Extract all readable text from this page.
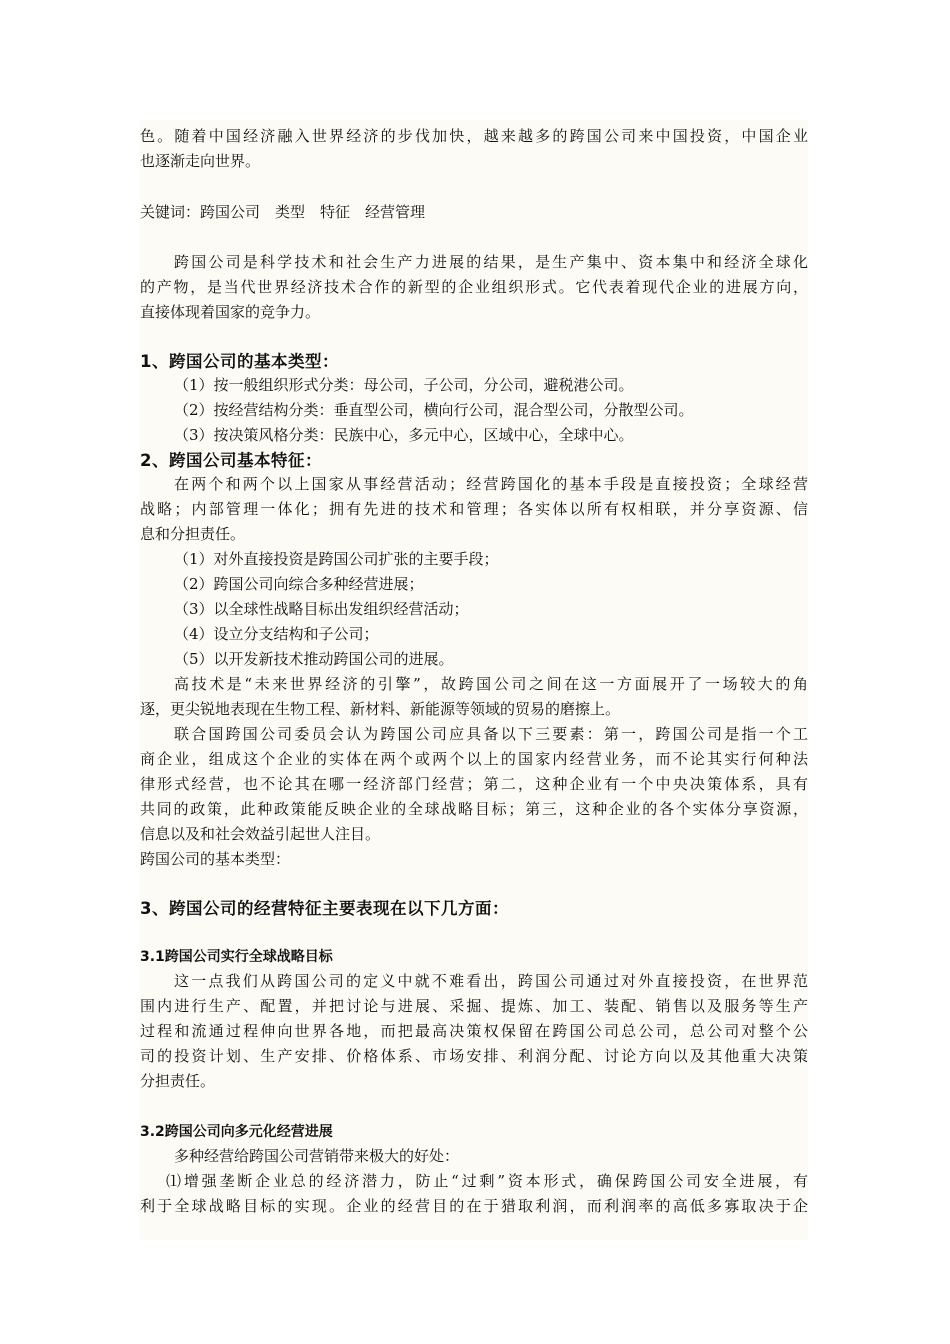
色。随着中国经济融入世界经济的步伐加快，越来越多的跨国公司来中国投资，中国企业
也逐渐走向世界。
关键词：跨国公司　类型　特征　经营管理
跨国公司是科学技术和社会生产力进展的结果，是生产集中、资本集中和经济全球化
的产物，是当代世界经济技术合作的新型的企业组织形式。它代表着现代企业的进展方向，
直接体现着国家的竞争力。
1、跨国公司的基本类型：
（1）按一般组织形式分类：母公司，子公司，分公司，避税港公司。
（2）按经营结构分类：垂直型公司，横向行公司，混合型公司，分散型公司。
（3）按决策风格分类：民族中心，多元中心，区域中心，全球中心。
2、跨国公司基本特征：
在两个和两个以上国家从事经营活动；经营跨国化的基本手段是直接投资；全球经营
战略；内部管理一体化；拥有先进的技术和管理；各实体以所有权相联，并分享资源、信
息和分担责任。
（1）对外直接投资是跨国公司扩张的主要手段；
（2）跨国公司向综合多种经营进展；
（3）以全球性战略目标出发组织经营活动；
（4）设立分支结构和子公司；
（5）以开发新技术推动跨国公司的进展。
高技术是“未来世界经济的引擎”，故跨国公司之间在这一方面展开了一场较大的角
逐，更尖锐地表现在生物工程、新材料、新能源等领域的贸易的磨擦上。
联合国跨国公司委员会认为跨国公司应具备以下三要素：第一，跨国公司是指一个工
商企业，组成这个企业的实体在两个或两个以上的国家内经营业务，而不论其实行何种法
律形式经营，也不论其在哪一经济部门经营；第二，这种企业有一个中央决策体系，具有
共同的政策，此种政策能反映企业的全球战略目标；第三，这种企业的各个实体分享资源，
信息以及和社会效益引起世人注目。
跨国公司的基本类型：
3、跨国公司的经营特征主要表现在以下几方面：
3.1跨国公司实行全球战略目标
这一点我们从跨国公司的定义中就不难看出，跨国公司通过对外直接投资，在世界范
围内进行生产、配置，并把讨论与进展、采掘、提炼、加工、装配、销售以及服务等生产
过程和流通过程伸向世界各地，而把最高决策权保留在跨国公司总公司，总公司对整个公
司的投资计划、生产安排、价格体系、市场安排、利润分配、讨论方向以及其他重大决策
分担责任。
3.2跨国公司向多元化经营进展
多种经营给跨国公司营销带来极大的好处：
⑴增强垄断企业总的经济潜力，防止“过剩”资本形式，确保跨国公司安全进展，有
利于全球战略目标的实现。企业的经营目的在于猎取利润，而利润率的高低多寡取决于企
